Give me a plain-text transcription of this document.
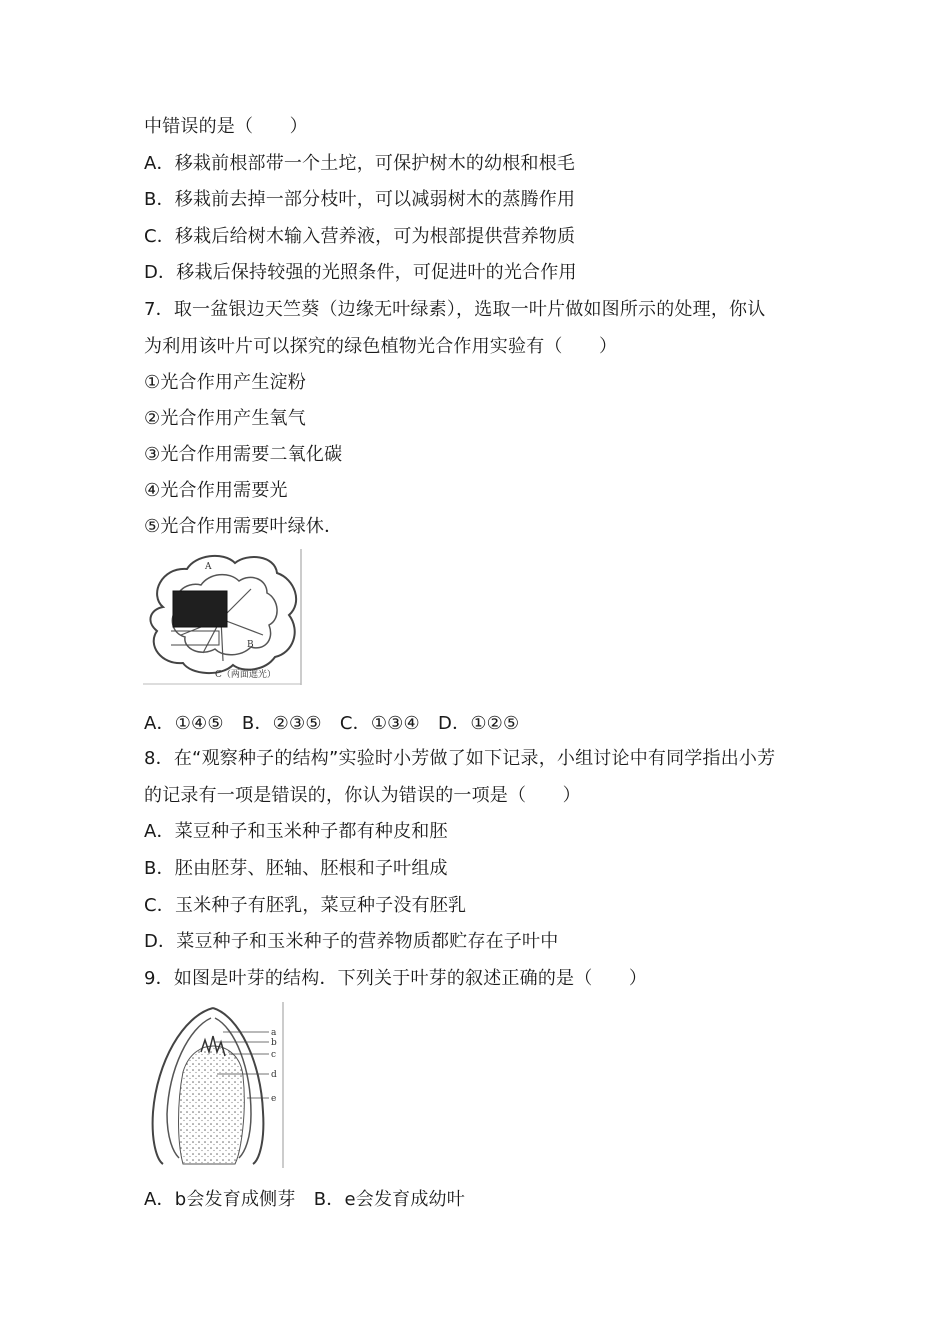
中错误的是（　　）
A．移栽前根部带一个土坨，可保护树木的幼根和根毛
B．移栽前去掉一部分枝叶，可以减弱树木的蒸腾作用
C．移栽后给树木输入营养液，可为根部提供营养物质
D．移栽后保持较强的光照条件，可促进叶的光合作用
7．取一盆银边天竺葵（边缘无叶绿素），选取一叶片做如图所示的处理，你认
为利用该叶片可以探究的绿色植物光合作用实验有（　　）
①光合作用产生淀粉
②光合作用产生氧气
③光合作用需要二氧化碳
④光合作用需要光
⑤光合作用需要叶绿休．
A
B
C（两面遮光）
A．①④⑤　B．②③⑤　C．①③④　D．①②⑤
8．在“观察种子的结构”实验时小芳做了如下记录，小组讨论中有同学指出小芳
的记录有一项是错误的，你认为错误的一项是（　　）
A．菜豆种子和玉米种子都有种皮和胚
B．胚由胚芽、胚轴、胚根和子叶组成
C．玉米种子有胚乳，菜豆种子没有胚乳
D．菜豆种子和玉米种子的营养物质都贮存在子叶中
9．如图是叶芽的结构．下列关于叶芽的叙述正确的是（　　）
a
b
c
d
e
A．b会发育成侧芽　B．e会发育成幼叶
